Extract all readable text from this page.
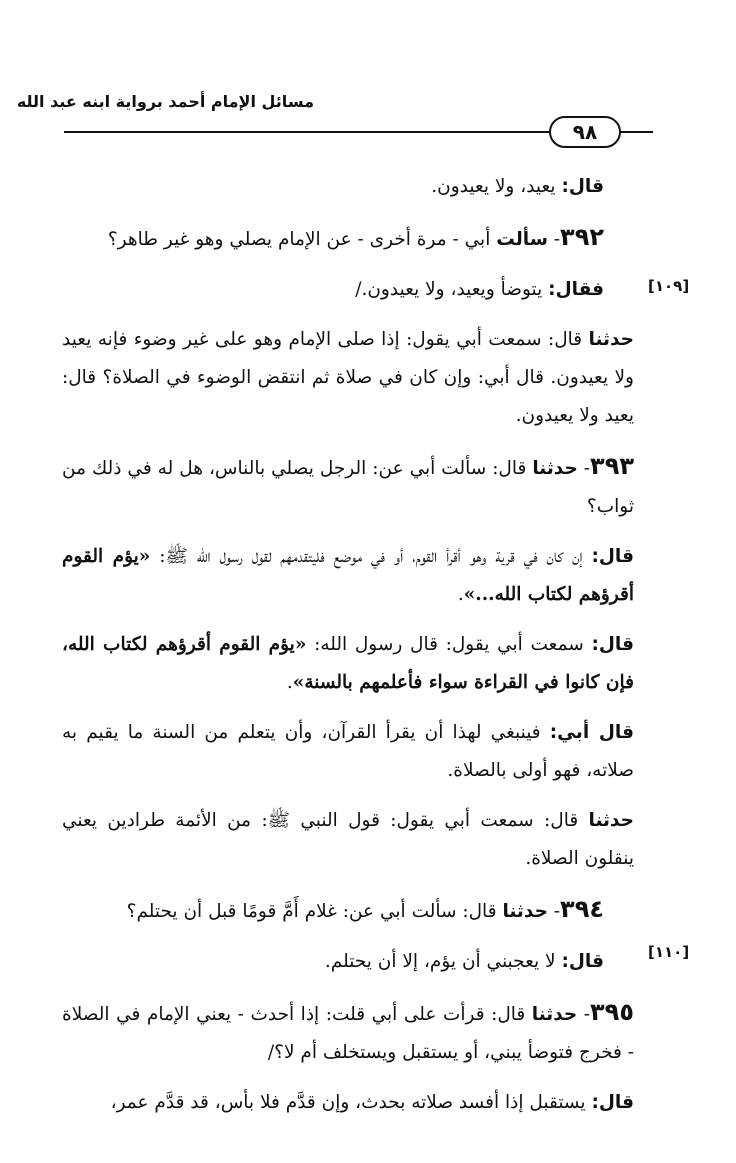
مسائل الإمام أحمد برواية ابنه عبد الله
٩٨
[١٠٩]
[١١٠]

قال: يعيد، ولا يعيدون.

٣٩٢- سألت أبي - مرة أخرى - عن الإمام يصلي وهو غير طاهر؟

فقال: يتوضأ ويعيد، ولا يعيدون./

حدثنا قال: سمعت أبي يقول: إذا صلى الإمام وهو على غير وضوء فإنه يعيد ولا يعيدون. قال أبي: وإن كان في صلاة ثم انتقض الوضوء في الصلاة؟ قال: يعيد ولا يعيدون.

٣٩٣- حدثنا قال: سألت أبي عن: الرجل يصلي بالناس، هل له في ذلك من ثواب؟

قال: إن كان في قرية وهو أقرأ القوم، أو في موضع فليتقدمهم لقول رسول الله ﷺ: «يؤم القوم أقرؤهم لكتاب الله...».

قال: سمعت أبي يقول: قال رسول الله: «يؤم القوم أقرؤهم لكتاب الله، فإن كانوا في القراءة سواء فأعلمهم بالسنة».

قال أبي: فينبغي لهذا أن يقرأ القرآن، وأن يتعلم من السنة ما يقيم به صلاته، فهو أولى بالصلاة.

حدثنا قال: سمعت أبي يقول: قول النبي ﷺ: من الأئمة طرادين يعني ينقلون الصلاة.

٣٩٤- حدثنا قال: سألت أبي عن: غلام أَمَّ قومًا قبل أن يحتلم؟

قال: لا يعجبني أن يؤم، إلا أن يحتلم.

٣٩٥- حدثنا قال: قرأت على أبي قلت: إذا أحدث - يعني الإمام في الصلاة - فخرج فتوضأ يبني، أو يستقبل ويستخلف أم لا؟/

قال: يستقبل إذا أفسد صلاته بحدث، وإن قدَّم فلا بأس، قد قدَّم عمر،
